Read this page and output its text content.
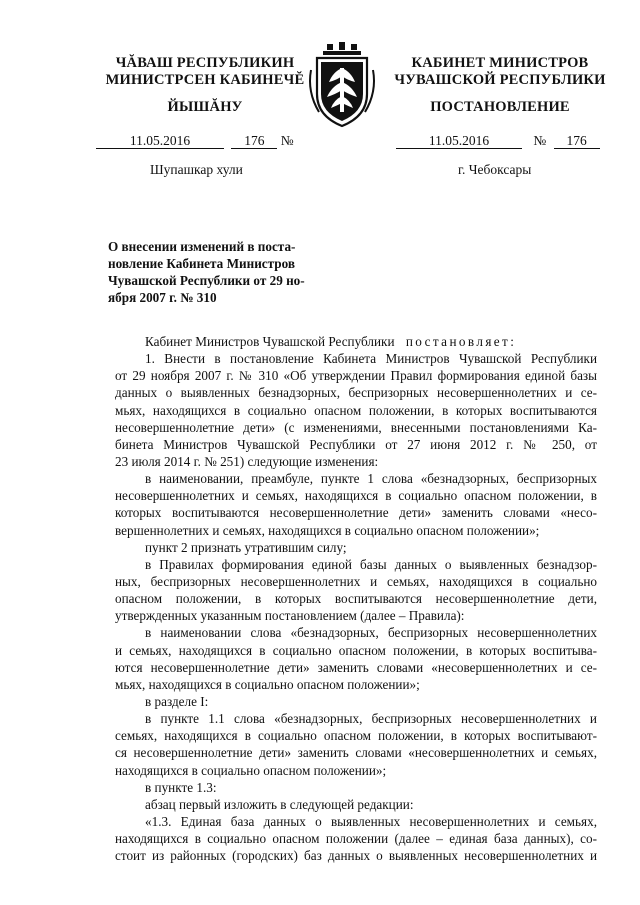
ЧĂВАШ РЕСПУБЛИКИН
МИНИСТРСЕН КАБИНЕЧĔ
ЙЫШĂНУ
КАБИНЕТ МИНИСТРОВ
ЧУВАШСКОЙ РЕСПУБЛИКИ
ПОСТАНОВЛЕНИЕ
11.05.2016	176 №	11.05.2016	№ 176
Шупашкар хули	г. Чебоксары
О внесении изменений в поста-
новление Кабинета Министров
Чувашской Республики от 29 но-
ября 2007 г. № 310
Кабинет Министров Чувашской Республики постановляет:
1. Внести в постановление Кабинета Министров Чувашской Республики
от 29 ноября 2007 г. № 310 «Об утверждении Правил формирования единой базы
данных о выявленных безнадзорных, беспризорных несовершеннолетних и се-
мьях, находящихся в социально опасном положении, в которых воспитываются
несовершеннолетние дети» (с изменениями, внесенными постановлениями Ка-
бинета Министров Чувашской Республики от 27 июня 2012 г. № 250, от
23 июля 2014 г. № 251) следующие изменения:
в наименовании, преамбуле, пункте 1 слова «безнадзорных, беспризорных
несовершеннолетних и семьях, находящихся в социально опасном положении, в
которых воспитываются несовершеннолетние дети» заменить словами «несо-
вершеннолетних и семьях, находящихся в социально опасном положении»;
пункт 2 признать утратившим силу;
в Правилах формирования единой базы данных о выявленных безнадзор-
ных, беспризорных несовершеннолетних и семьях, находящихся в социально
опасном положении, в которых воспитываются несовершеннолетние дети,
утвержденных указанным постановлением (далее – Правила):
в наименовании слова «безнадзорных, беспризорных несовершеннолетних
и семьях, находящихся в социально опасном положении, в которых воспитыва-
ются несовершеннолетние дети» заменить словами «несовершеннолетних и се-
мьях, находящихся в социально опасном положении»;
в разделе I:
в пункте 1.1 слова «безнадзорных, беспризорных несовершеннолетних и
семьях, находящихся в социально опасном положении, в которых воспитывают-
ся несовершеннолетние дети» заменить словами «несовершеннолетних и семьях,
находящихся в социально опасном положении»;
в пункте 1.3:
абзац первый изложить в следующей редакции:
«1.3. Единая база данных о выявленных несовершеннолетних и семьях,
находящихся в социально опасном положении (далее – единая база данных), со-
стоит из районных (городских) баз данных о выявленных несовершеннолетних и
